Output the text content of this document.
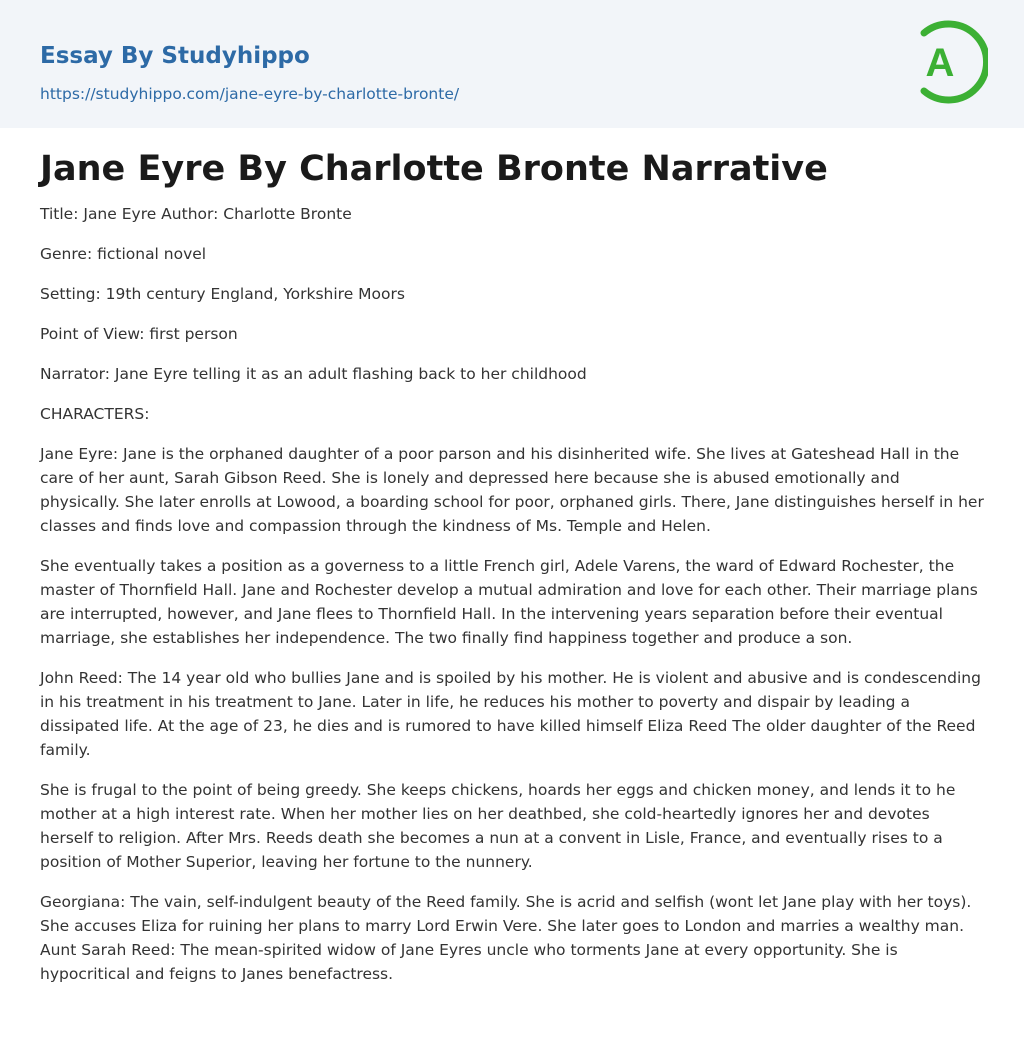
Essay By Studyhippo
https://studyhippo.com/jane-eyre-by-charlotte-bronte/
A
Jane Eyre By Charlotte Bronte Narrative

Title: Jane Eyre Author: Charlotte Bronte

Genre: fictional novel

Setting: 19th century England, Yorkshire Moors

Point of View: first person

Narrator: Jane Eyre telling it as an adult flashing back to her childhood

CHARACTERS:

Jane Eyre: Jane is the orphaned daughter of a poor parson and his disinherited wife. She lives at Gateshead Hall in the care of her aunt, Sarah Gibson Reed. She is lonely and depressed here because she is abused emotionally and physically. She later enrolls at Lowood, a boarding school for poor, orphaned girls. There, Jane distinguishes herself in her classes and finds love and compassion through the kindness of Ms. Temple and Helen.

She eventually takes a position as a governess to a little French girl, Adele Varens, the ward of Edward Rochester, the master of Thornfield Hall. Jane and Rochester develop a mutual admiration and love for each other. Their marriage plans are interrupted, however, and Jane flees to Thornfield Hall. In the intervening years separation before their eventual marriage, she establishes her independence. The two finally find happiness together and produce a son.

John Reed: The 14 year old who bullies Jane and is spoiled by his mother. He is violent and abusive and is condescending in his treatment in his treatment to Jane. Later in life, he reduces his mother to poverty and dispair by leading a dissipated life. At the age of 23, he dies and is rumored to have killed himself Eliza Reed The older daughter of the Reed family.

She is frugal to the point of being greedy. She keeps chickens, hoards her eggs and chicken money, and lends it to he mother at a high interest rate. When her mother lies on her deathbed, she cold-heartedly ignores her and devotes herself to religion. After Mrs. Reeds death she becomes a nun at a convent in Lisle, France, and eventually rises to a position of Mother Superior, leaving her fortune to the nunnery.

Georgiana: The vain, self-indulgent beauty of the Reed family. She is acrid and selfish (wont let Jane play with her toys). She accuses Eliza for ruining her plans to marry Lord Erwin Vere. She later goes to London and marries a wealthy man. Aunt Sarah Reed: The mean-spirited widow of Jane Eyres uncle who torments Jane at every opportunity. She is hypocritical and feigns to Janes benefactress.
